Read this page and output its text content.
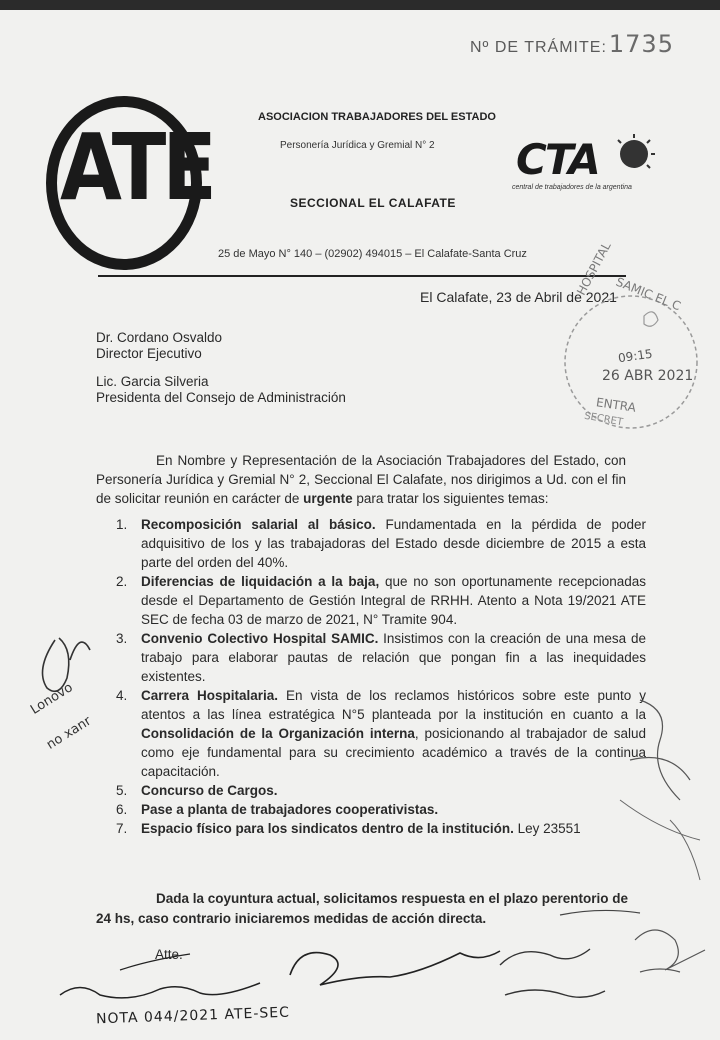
Nº DE TRÁMITE:1735
ATE	ASOCIACION TRABAJADORES DEL ESTADO
Personería Jurídica y Gremial N° 2
SECCIONAL EL CALAFATE
25 de Mayo N° 140 – (02902) 494015 – El Calafate-Santa Cruz
CTA
central de trabajadores de la argentina
El Calafate, 23 de Abril de 2021
Dr. Cordano Osvaldo
Director Ejecutivo
Lic. Garcia Silveria
Presidenta del Consejo de Administración
En Nombre y Representación de la Asociación Trabajadores del Estado, con Personería Jurídica y Gremial N° 2, Seccional El Calafate, nos dirigimos a Ud. con el fin de solicitar reunión en carácter de urgente para tratar los siguientes temas:
1.	Recomposición salarial al básico. Fundamentada en la pérdida de poder adquisitivo de los y las trabajadoras del Estado desde diciembre de 2015 a esta parte del orden del 40%.
2.	Diferencias de liquidación a la baja, que no son oportunamente recepcionadas desde el Departamento de Gestión Integral de RRHH. Atento a Nota 19/2021 ATE SEC de fecha 03 de marzo de 2021, N° Tramite 904.
3.	Convenio Colectivo Hospital SAMIC. Insistimos con la creación de una mesa de trabajo para elaborar pautas de relación que pongan fin a las inequidades existentes.
4.	Carrera Hospitalaria. En vista de los reclamos históricos sobre este punto y atentos a las línea estratégica N°5 planteada por la institución en cuanto a la Consolidación de la Organización interna, posicionando al trabajador de salud como eje fundamental para su crecimiento académico a través de la continua capacitación.
5.	Concurso de Cargos.
6.	Pase a planta de trabajadores cooperativistas.
7.	Espacio físico para los sindicatos dentro de la institución. Ley 23551
Dada la coyuntura actual, solicitamos respuesta en el plazo perentorio de 24 hs, caso contrario iniciaremos medidas de acción directa.
Atte.
HOSPITAL SAMIC EL C
09:15
26 ABR 2021
ENTRA
SECRET
Lonovo
no xanr
NOTA 044/2021 ATE-SEC
